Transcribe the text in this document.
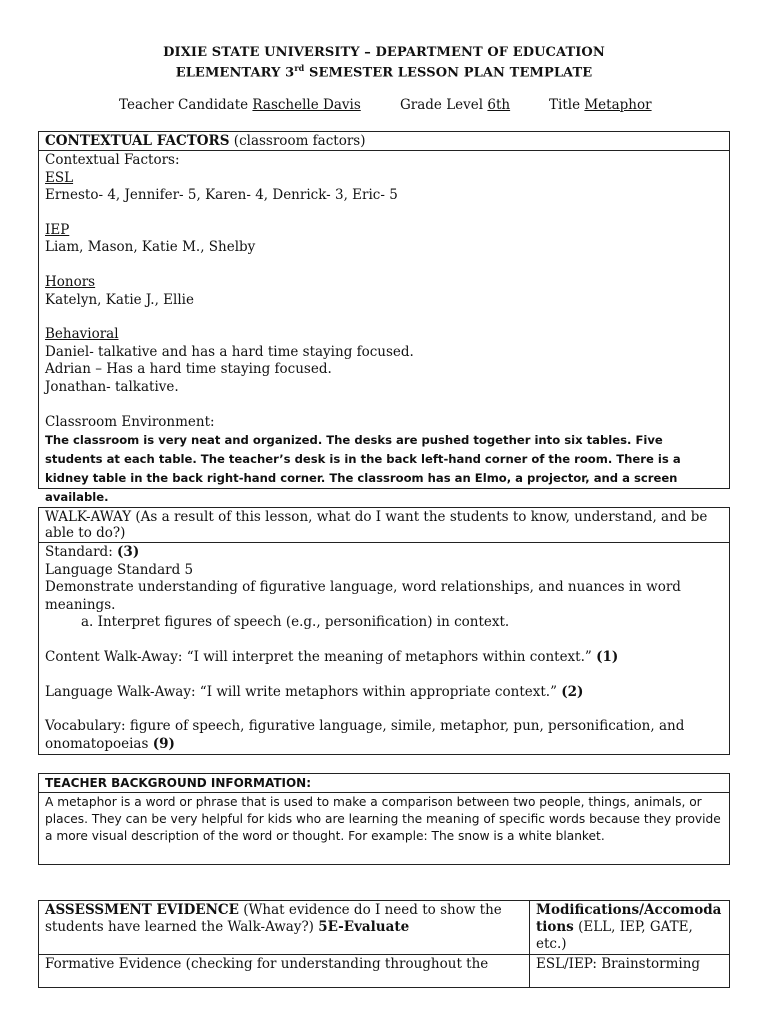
DIXIE STATE UNIVERSITY – DEPARTMENT OF EDUCATION
ELEMENTARY 3rd SEMESTER LESSON PLAN TEMPLATE
Teacher Candidate Raschelle Davis	Grade Level 6th	Title Metaphor
CONTEXTUAL FACTORS (classroom factors)
Contextual Factors:
ESL
Ernesto- 4, Jennifer- 5, Karen- 4, Denrick- 3, Eric- 5
IEP
Liam, Mason, Katie M., Shelby
Honors
Katelyn, Katie J., Ellie
Behavioral
Daniel- talkative and has a hard time staying focused.
Adrian – Has a hard time staying focused.
Jonathan- talkative.
Classroom Environment:
The classroom is very neat and organized. The desks are pushed together into six tables. Five students at each table. The teacher’s desk is in the back left-hand corner of the room. There is a kidney table in the back right-hand corner. The classroom has an Elmo, a projector, and a screen available.
WALK-AWAY (As a result of this lesson, what do I want the students to know, understand, and be able to do?)
Standard: (3)
Language Standard 5
Demonstrate understanding of figurative language, word relationships, and nuances in word meanings.
a. Interpret figures of speech (e.g., personification) in context.
Content Walk-Away: “I will interpret the meaning of metaphors within context.” (1)
Language Walk-Away: “I will write metaphors within appropriate context.” (2)
Vocabulary: figure of speech, figurative language, simile, metaphor, pun, personification, and onomatopoeias (9)
TEACHER BACKGROUND INFORMATION:
A metaphor is a word or phrase that is used to make a comparison between two people, things, animals, or places. They can be very helpful for kids who are learning the meaning of specific words because they provide a more visual description of the word or thought. For example: The snow is a white blanket.
ASSESSMENT EVIDENCE (What evidence do I need to show the students have learned the Walk-Away?) 5E-Evaluate	Modifications/Accomodations (ELL, IEP, GATE, etc.)
Formative Evidence (checking for understanding throughout the	ESL/IEP: Brainstorming
